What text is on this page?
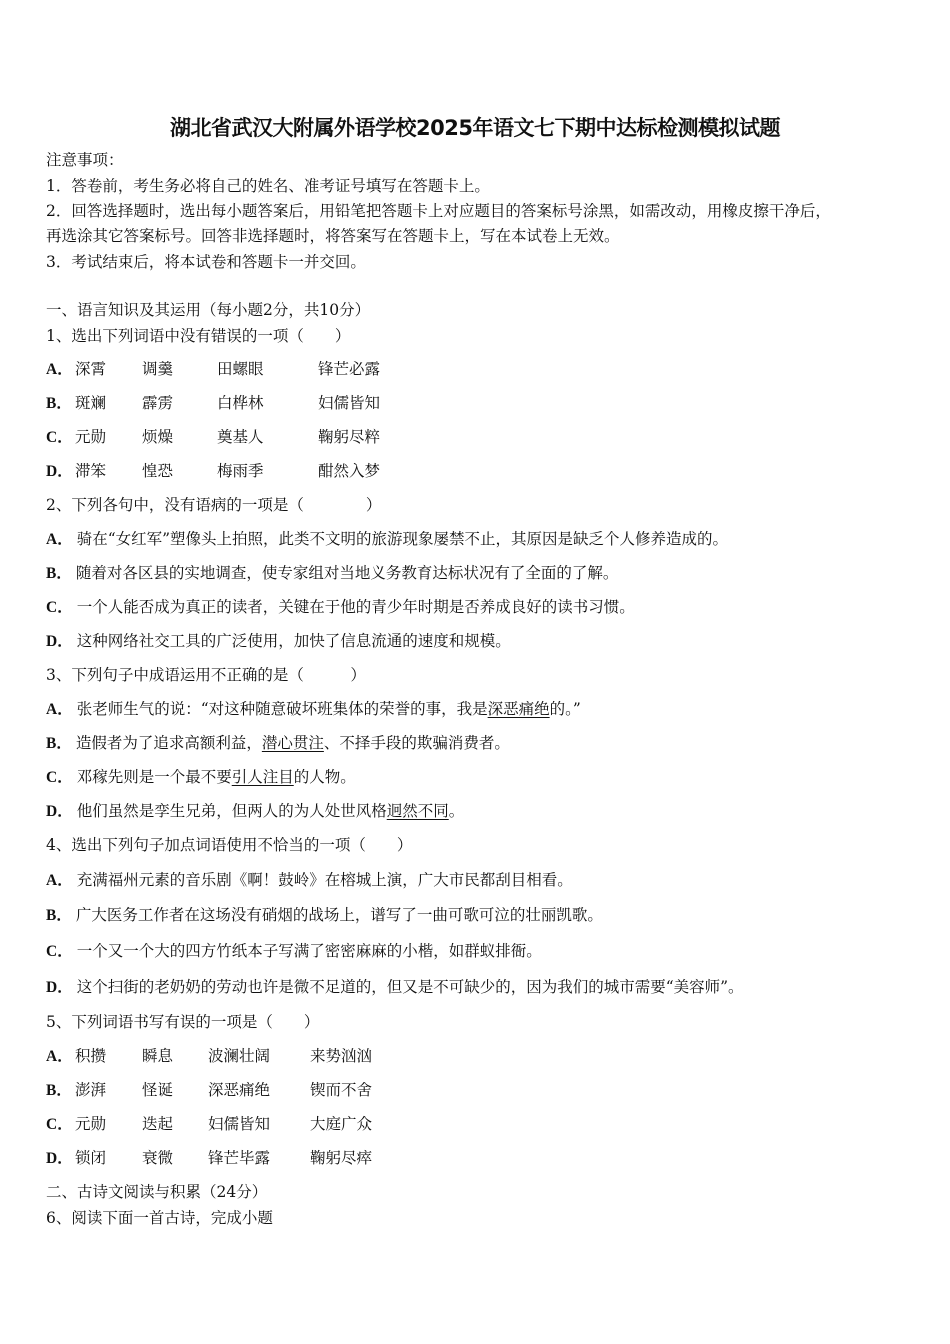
湖北省武汉大附属外语学校2025年语文七下期中达标检测模拟试题
注意事项：
1．答卷前，考生务必将自己的姓名、准考证号填写在答题卡上。
2．回答选择题时，选出每小题答案后，用铅笔把答题卡上对应题目的答案标号涂黑，如需改动，用橡皮擦干净后，
再选涂其它答案标号。回答非选择题时，将答案写在答题卡上，写在本试卷上无效。
3．考试结束后，将本试卷和答题卡一并交回。
一、语言知识及其运用（每小题2分，共10分）
1、选出下列词语中没有错误的一项（　　）
A． 深霄 调羹	田螺眼	锋芒必露
B． 斑斓 霹雳	白桦林	妇儒皆知
C． 元勋 烦燥	奠基人	鞠躬尽粹
D． 滞笨 惶恐	梅雨季	酣然入梦
2、下列各句中，没有语病的一项是（　　　　）
A． 骑在“女红军”塑像头上拍照，此类不文明的旅游现象屡禁不止，其原因是缺乏个人修养造成的。
B． 随着对各区县的实地调查，使专家组对当地义务教育达标状况有了全面的了解。
C． 一个人能否成为真正的读者，关键在于他的青少年时期是否养成良好的读书习惯。
D． 这种网络社交工具的广泛使用，加快了信息流通的速度和规模。
3、下列句子中成语运用不正确的是（　　　）
A． 张老师生气的说：“对这种随意破坏班集体的荣誉的事，我是深恶痛绝的。”
B． 造假者为了追求高额利益，潜心贯注、不择手段的欺骗消费者。
C． 邓稼先则是一个最不要引人注目的人物。
D． 他们虽然是孪生兄弟，但两人的为人处世风格迥然不同。
4、选出下列句子加点词语使用不恰当的一项（　　）
A． 充满福州元素的音乐剧《啊！鼓岭》在榕城上演，广大市民都刮目相看。
B． 广大医务工作者在这场没有硝烟的战场上，谱写了一曲可歌可泣的壮丽凯歌。
C． 一个又一个大的四方竹纸本子写满了密密麻麻的小楷，如群蚁排衙。
D． 这个扫街的老奶奶的劳动也许是微不足道的，但又是不可缺少的，因为我们的城市需要“美容师”。
5、下列词语书写有误的一项是（　　）
A． 积攒 瞬息 波澜壮阔	来势汹汹
B． 澎湃 怪诞 深恶痛绝	锲而不舍
C． 元勋 迭起 妇儒皆知	大庭广众
D． 锁闭 衰微 锋芒毕露	鞠躬尽瘁
二、古诗文阅读与积累（24分）
6、阅读下面一首古诗，完成小题
